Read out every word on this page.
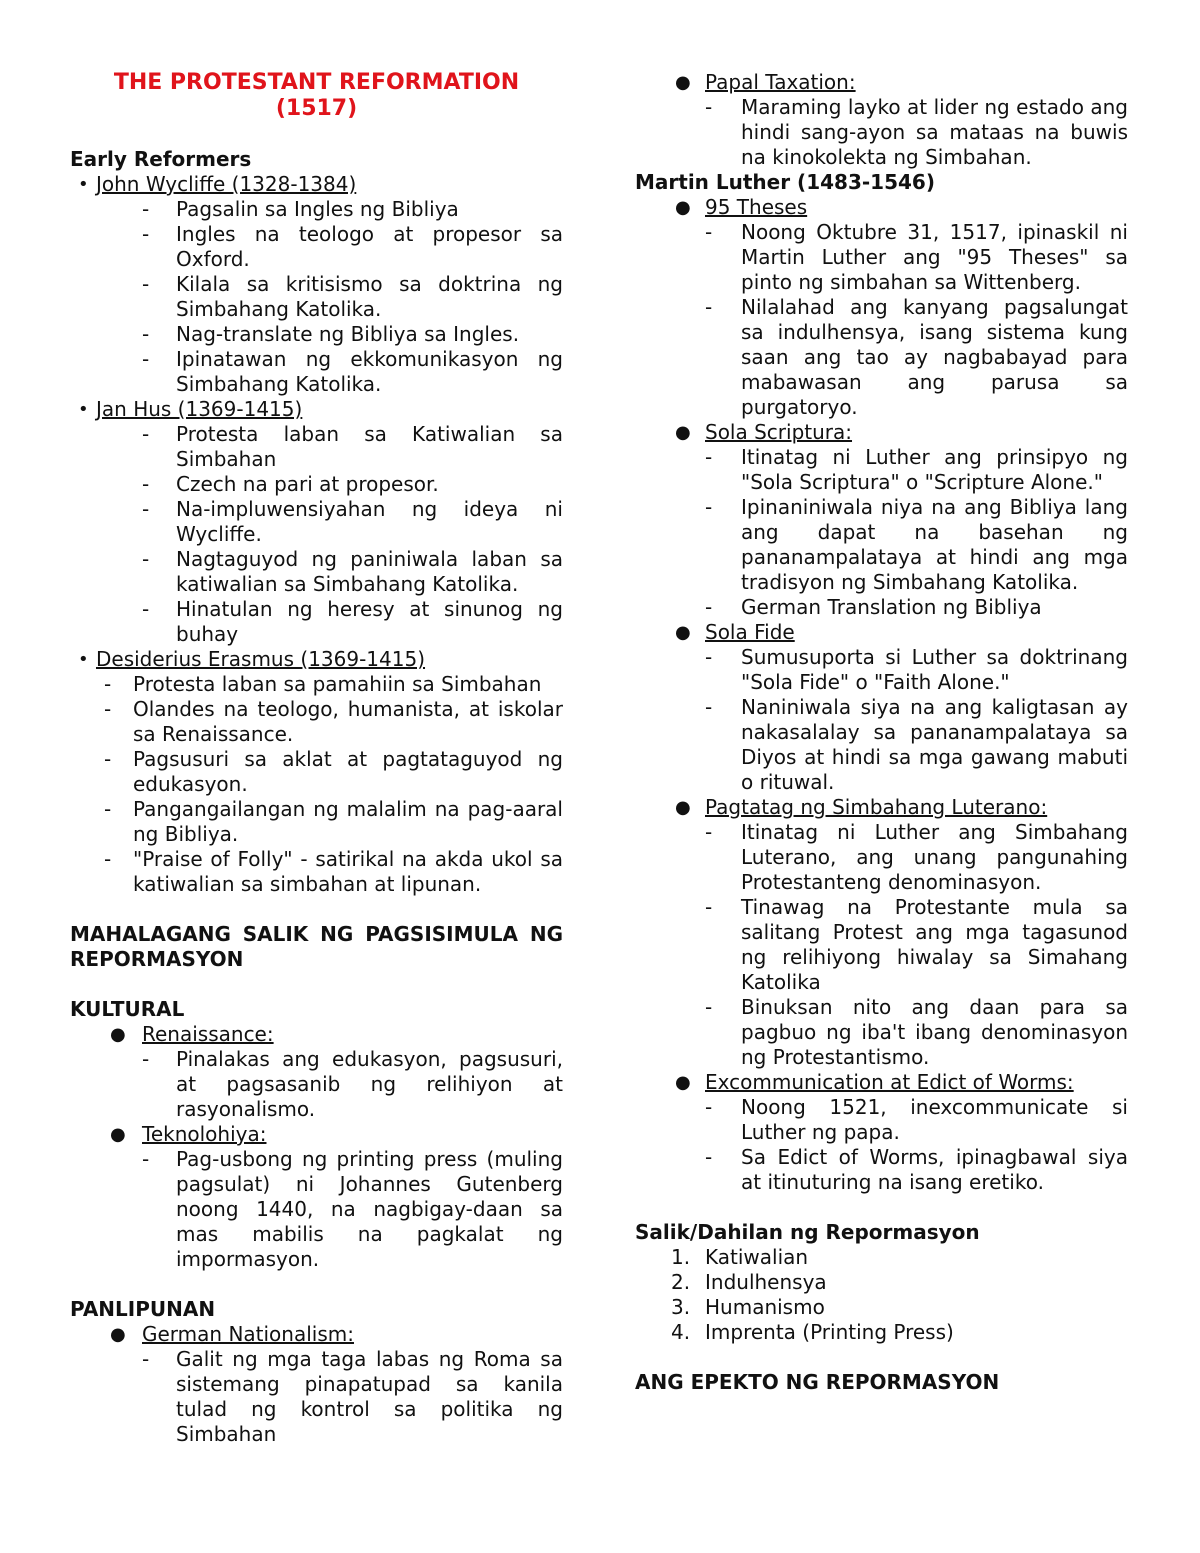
THE PROTESTANT REFORMATION
(1517)
Early Reformers
• John Wycliffe (1328-1384)
- Pagsalin sa Ingles ng Bibliya
- Ingles na teologo at propesor sa Oxford.
- Kilala sa kritisismo sa doktrina ng Simbahang Katolika.
- Nag-translate ng Bibliya sa Ingles.
- Ipinatawan ng ekkomunikasyon ng Simbahang Katolika.
• Jan Hus (1369-1415)
- Protesta laban sa Katiwalian sa Simbahan
- Czech na pari at propesor.
- Na-impluwensiyahan ng ideya ni Wycliffe.
- Nagtaguyod ng paniniwala laban sa katiwalian sa Simbahang Katolika.
- Hinatulan ng heresy at sinunog ng buhay
• Desiderius Erasmus (1369-1415)
- Protesta laban sa pamahiin sa Simbahan
- Olandes na teologo, humanista, at iskolar sa Renaissance.
- Pagsusuri sa aklat at pagtataguyod ng edukasyon.
- Pangangailangan ng malalim na pag-aaral ng Bibliya.
- "Praise of Folly" - satirikal na akda ukol sa katiwalian sa simbahan at lipunan.
MAHALAGANG SALIK NG PAGSISIMULA NG REPORMASYON
KULTURAL
● Renaissance:
- Pinalakas ang edukasyon, pagsusuri, at pagsasanib ng relihiyon at rasyonalismo.
● Teknolohiya:
- Pag-usbong ng printing press (muling pagsulat) ni Johannes Gutenberg noong 1440, na nagbigay-daan sa mas mabilis na pagkalat ng impormasyon.
PANLIPUNAN
● German Nationalism:
- Galit ng mga taga labas ng Roma sa sistemang pinapatupad sa kanila tulad ng kontrol sa politika ng Simbahan
● Papal Taxation:
- Maraming layko at lider ng estado ang hindi sang-ayon sa mataas na buwis na kinokolekta ng Simbahan.
Martin Luther (1483-1546)
● 95 Theses
- Noong Oktubre 31, 1517, ipinaskil ni Martin Luther ang "95 Theses" sa pinto ng simbahan sa Wittenberg.
- Nilalahad ang kanyang pagsalungat sa indulhensya, isang sistema kung saan ang tao ay nagbabayad para mabawasan ang parusa sa purgatoryo.
● Sola Scriptura:
- Itinatag ni Luther ang prinsipyo ng "Sola Scriptura" o "Scripture Alone."
- Ipinaniniwala niya na ang Bibliya lang ang dapat na basehan ng pananampalataya at hindi ang mga tradisyon ng Simbahang Katolika.
- German Translation ng Bibliya
● Sola Fide
- Sumusuporta si Luther sa doktrinang "Sola Fide" o "Faith Alone."
- Naniniwala siya na ang kaligtasan ay nakasalalay sa pananampalataya sa Diyos at hindi sa mga gawang mabuti o rituwal.
● Pagtatag ng Simbahang Luterano:
- Itinatag ni Luther ang Simbahang Luterano, ang unang pangunahing Protestanteng denominasyon.
- Tinawag na Protestante mula sa salitang Protest ang mga tagasunod ng relihiyong hiwalay sa Simahang Katolika
- Binuksan nito ang daan para sa pagbuo ng iba't ibang denominasyon ng Protestantismo.
● Excommunication at Edict of Worms:
- Noong 1521, inexcommunicate si Luther ng papa.
- Sa Edict of Worms, ipinagbawal siya at itinuturing na isang eretiko.
Salik/Dahilan ng Repormasyon
1. Katiwalian
2. Indulhensya
3. Humanismo
4. Imprenta (Printing Press)
ANG EPEKTO NG REPORMASYON
